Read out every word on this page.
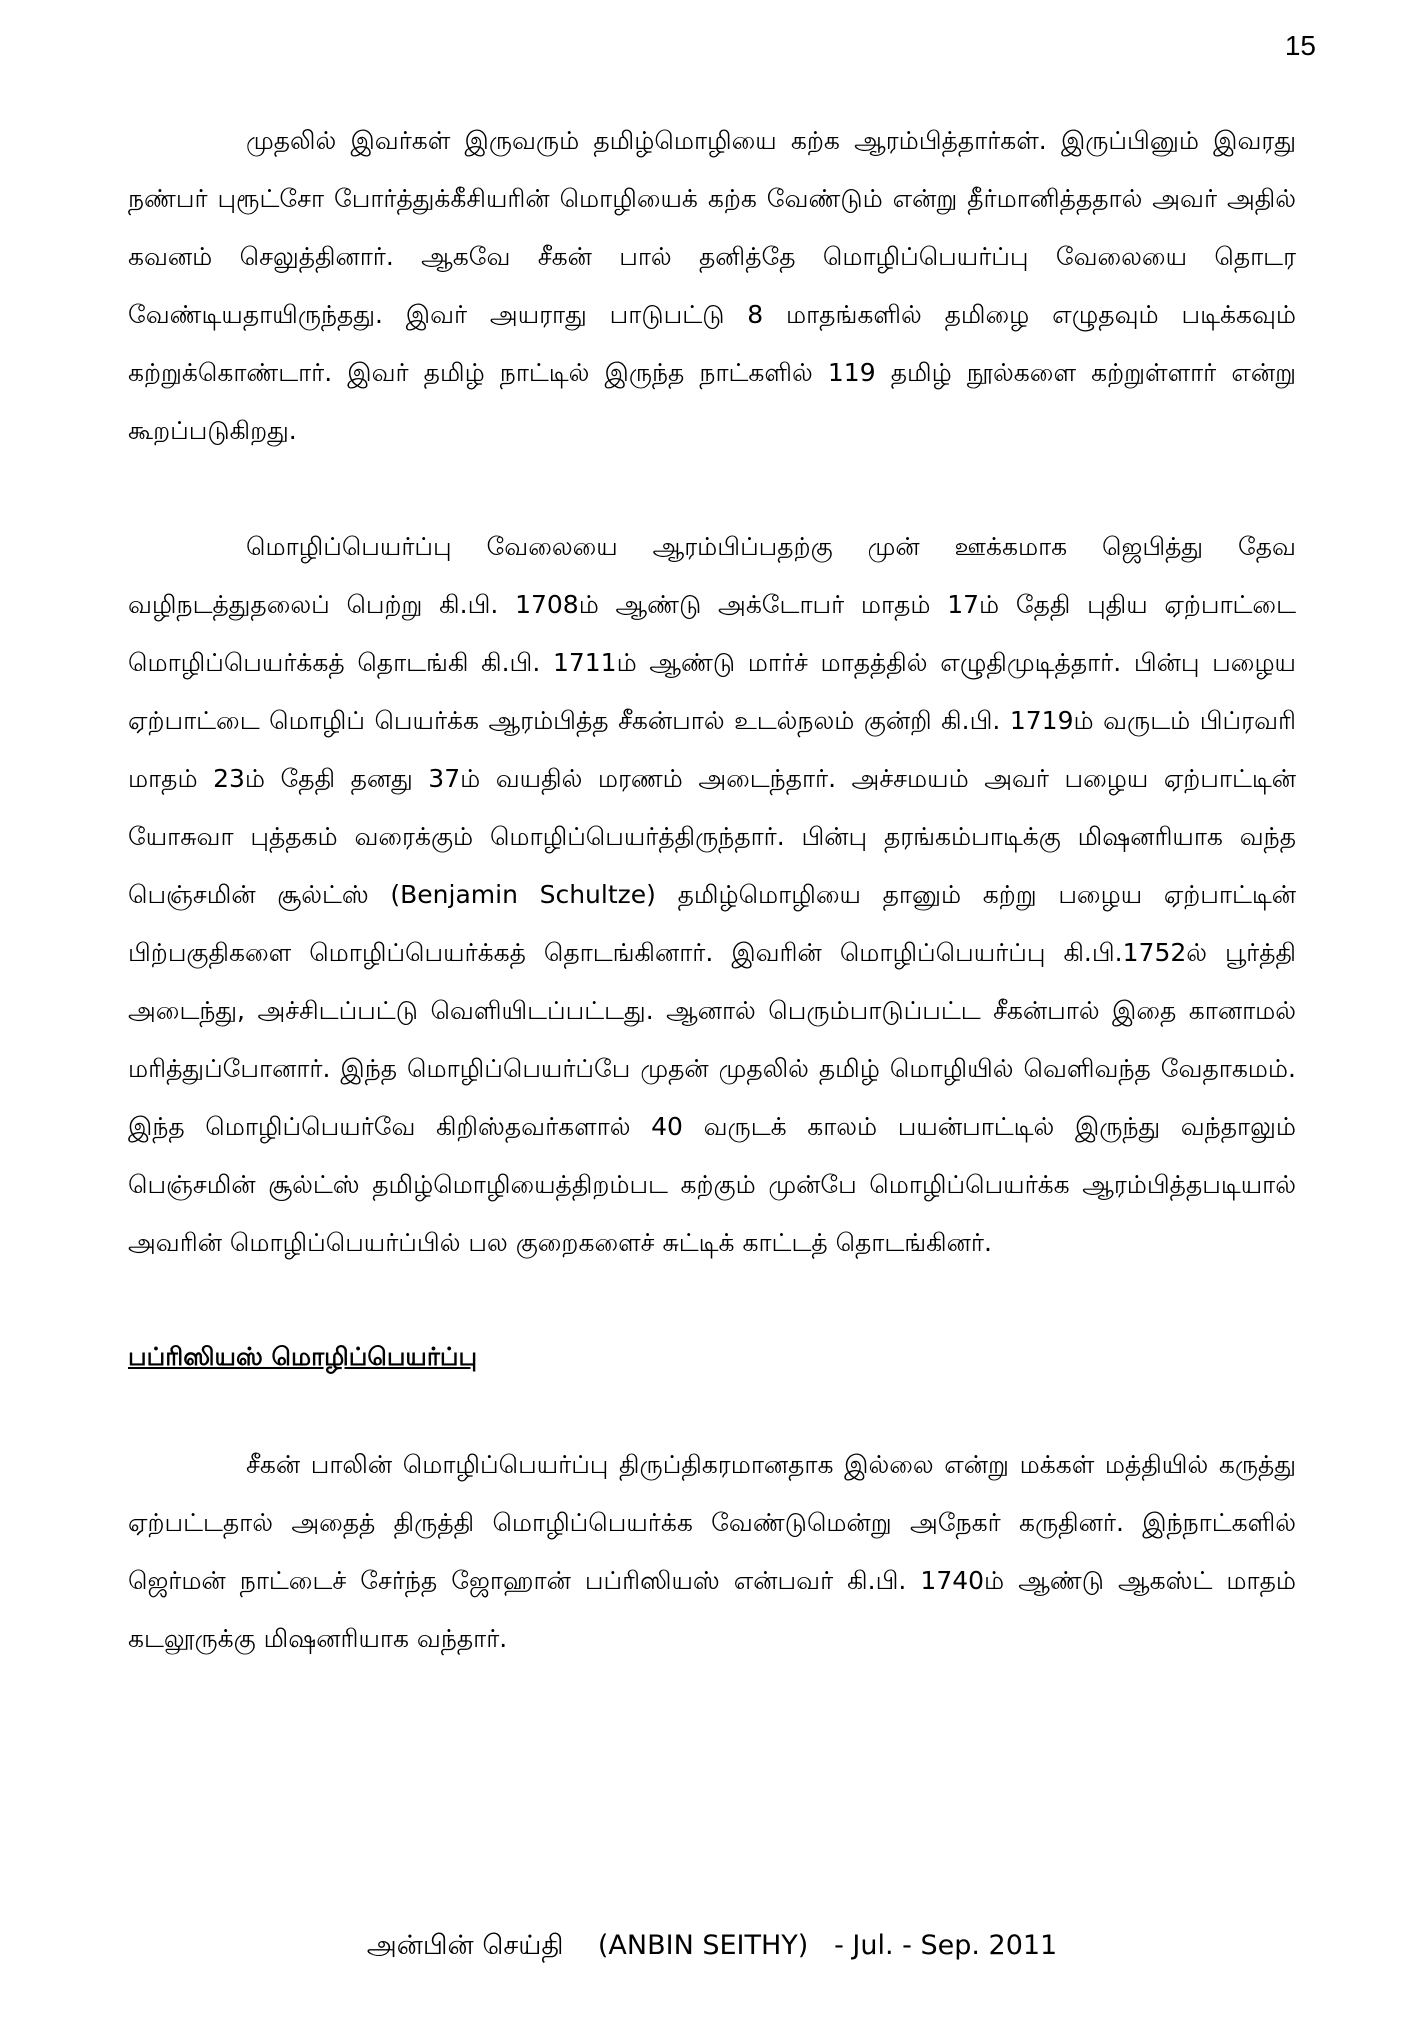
15

முதலில் இவர்கள் இருவரும் தமிழ்மொழியை கற்க ஆரம்பித்தார்கள். இருப்பினும் இவரது நண்பர் புரூட்சோ போர்த்துக்கீசியரின் மொழியைக் கற்க வேண்டும் என்று தீர்மானித்ததால் அவர் அதில் கவனம் செலுத்தினார். ஆகவே சீகன் பால் தனித்தே மொழிப்பெயர்ப்பு வேலையை தொடர வேண்டியதாயிருந்தது. இவர் அயராது பாடுபட்டு 8 மாதங்களில் தமிழை எழுதவும் படிக்கவும் கற்றுக்கொண்டார். இவர் தமிழ் நாட்டில் இருந்த நாட்களில் 119 தமிழ் நூல்களை கற்றுள்ளார் என்று கூறப்படுகிறது.

மொழிப்பெயர்ப்பு வேலையை ஆரம்பிப்பதற்கு முன் ஊக்கமாக ஜெபித்து தேவ வழிநடத்துதலைப் பெற்று கி.பி. 1708ம் ஆண்டு அக்டோபர் மாதம் 17ம் தேதி புதிய ஏற்பாட்டை மொழிப்பெயர்க்கத் தொடங்கி கி.பி. 1711ம் ஆண்டு மார்ச் மாதத்தில் எழுதிமுடித்தார். பின்பு பழைய ஏற்பாட்டை மொழிப் பெயர்க்க ஆரம்பித்த சீகன்பால் உடல்நலம் குன்றி கி.பி. 1719ம் வருடம் பிப்ரவரி மாதம் 23ம் தேதி தனது 37ம் வயதில் மரணம் அடைந்தார். அச்சமயம் அவர் பழைய ஏற்பாட்டின் யோசுவா புத்தகம் வரைக்கும் மொழிப்பெயர்த்திருந்தார். பின்பு தரங்கம்பாடிக்கு மிஷனரியாக வந்த பெஞ்சமின் சூல்ட்ஸ் (Benjamin Schultze) தமிழ்மொழியை தானும் கற்று பழைய ஏற்பாட்டின் பிற்பகுதிகளை மொழிப்பெயர்க்கத் தொடங்கினார். இவரின் மொழிப்பெயர்ப்பு கி.பி.1752ல் பூர்த்தி அடைந்து, அச்சிடப்பட்டு வெளியிடப்பட்டது. ஆனால் பெரும்பாடுப்பட்ட சீகன்பால் இதை கானாமல் மரித்துப்போனார். இந்த மொழிப்பெயர்ப்பே முதன் முதலில் தமிழ் மொழியில் வெளிவந்த வேதாகமம். இந்த மொழிப்பெயர்வே கிறிஸ்தவர்களால் 40 வருடக் காலம் பயன்பாட்டில் இருந்து வந்தாலும் பெஞ்சமின் சூல்ட்ஸ் தமிழ்மொழியைத்திறம்பட கற்கும் முன்பே மொழிப்பெயர்க்க ஆரம்பித்தபடியால் அவரின் மொழிப்பெயர்ப்பில் பல குறைகளைச் சுட்டிக் காட்டத் தொடங்கினர்.

பப்ரிஸியஸ் மொழிப்பெயர்ப்பு

சீகன் பாலின் மொழிப்பெயர்ப்பு திருப்திகரமானதாக இல்லை என்று மக்கள் மத்தியில் கருத்து ஏற்பட்டதால் அதைத் திருத்தி மொழிப்பெயர்க்க வேண்டுமென்று அநேகர் கருதினர். இந்நாட்களில் ஜெர்மன் நாட்டைச் சேர்ந்த ஜோஹான் பப்ரிஸியஸ் என்பவர் கி.பி. 1740ம் ஆண்டு ஆகஸ்ட் மாதம் கடலூருக்கு மிஷனரியாக வந்தார்.

அன்பின் செய்தி    (ANBIN SEITHY)   - Jul. - Sep. 2011
